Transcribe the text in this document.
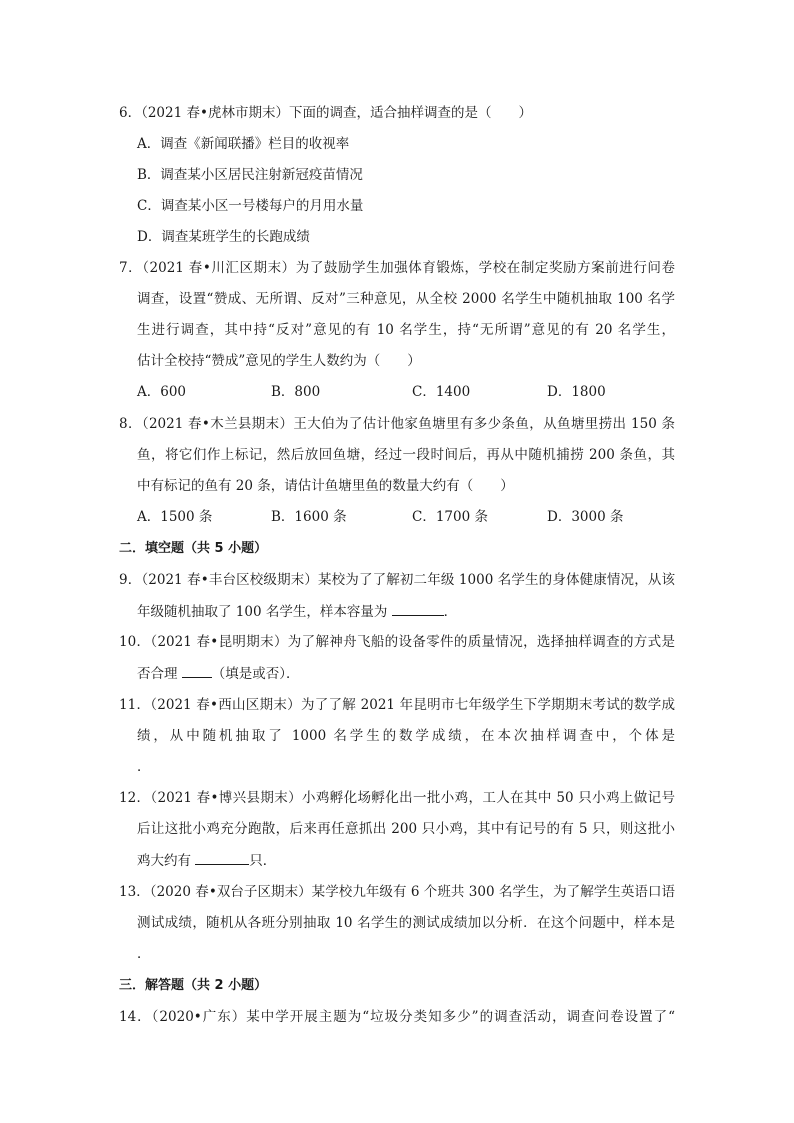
6．（2021 春•虎林市期末）下面的调查，适合抽样调查的是（　　）
A．调查《新闻联播》栏目的收视率
B．调查某小区居民注射新冠疫苗情况
C．调查某小区一号楼每户的月用水量
D．调查某班学生的长跑成绩
7．（2021 春•川汇区期末）为了鼓励学生加强体育锻炼，学校在制定奖励方案前进行问卷
调查，设置“赞成、无所谓、反对”三种意见，从全校 2000 名学生中随机抽取 100 名学
生进行调查，其中持“反对”意见的有 10 名学生，持“无所谓”意见的有 20 名学生，
估计全校持“赞成”意见的学生人数约为（　　）
A．600	B．800	C．1400	D．1800
8．（2021 春•木兰县期末）王大伯为了估计他家鱼塘里有多少条鱼，从鱼塘里捞出 150 条
鱼，将它们作上标记，然后放回鱼塘，经过一段时间后，再从中随机捕捞 200 条鱼，其
中有标记的鱼有 20 条，请估计鱼塘里鱼的数量大约有（　　）
A．1500 条	B．1600 条	C．1700 条	D．3000 条
二．填空题（共 5 小题）
9．（2021 春•丰台区校级期末）某校为了了解初二年级 1000 名学生的身体健康情况，从该
年级随机抽取了 100 名学生，样本容量为	．
10．（2021 春•昆明期末）为了解神舟飞船的设备零件的质量情况，选择抽样调查的方式是
否合理	（填是或否）．
11．（2021 春•西山区期末）为了了解 2021 年昆明市七年级学生下学期期末考试的数学成
绩，从中随机抽取了 1000 名学生的数学成绩，在本次抽样调查中，个体是
．
12．（2021 春•博兴县期末）小鸡孵化场孵化出一批小鸡，工人在其中 50 只小鸡上做记号
后让这批小鸡充分跑散，后来再任意抓出 200 只小鸡，其中有记号的有 5 只，则这批小
鸡大约有	只．
13．（2020 春•双台子区期末）某学校九年级有 6 个班共 300 名学生，为了解学生英语口语
测试成绩，随机从各班分别抽取 10 名学生的测试成绩加以分析．在这个问题中，样本是
．
三．解答题（共 2 小题）
14．（2020•广东）某中学开展主题为“垃圾分类知多少”的调查活动，调查问卷设置了“
